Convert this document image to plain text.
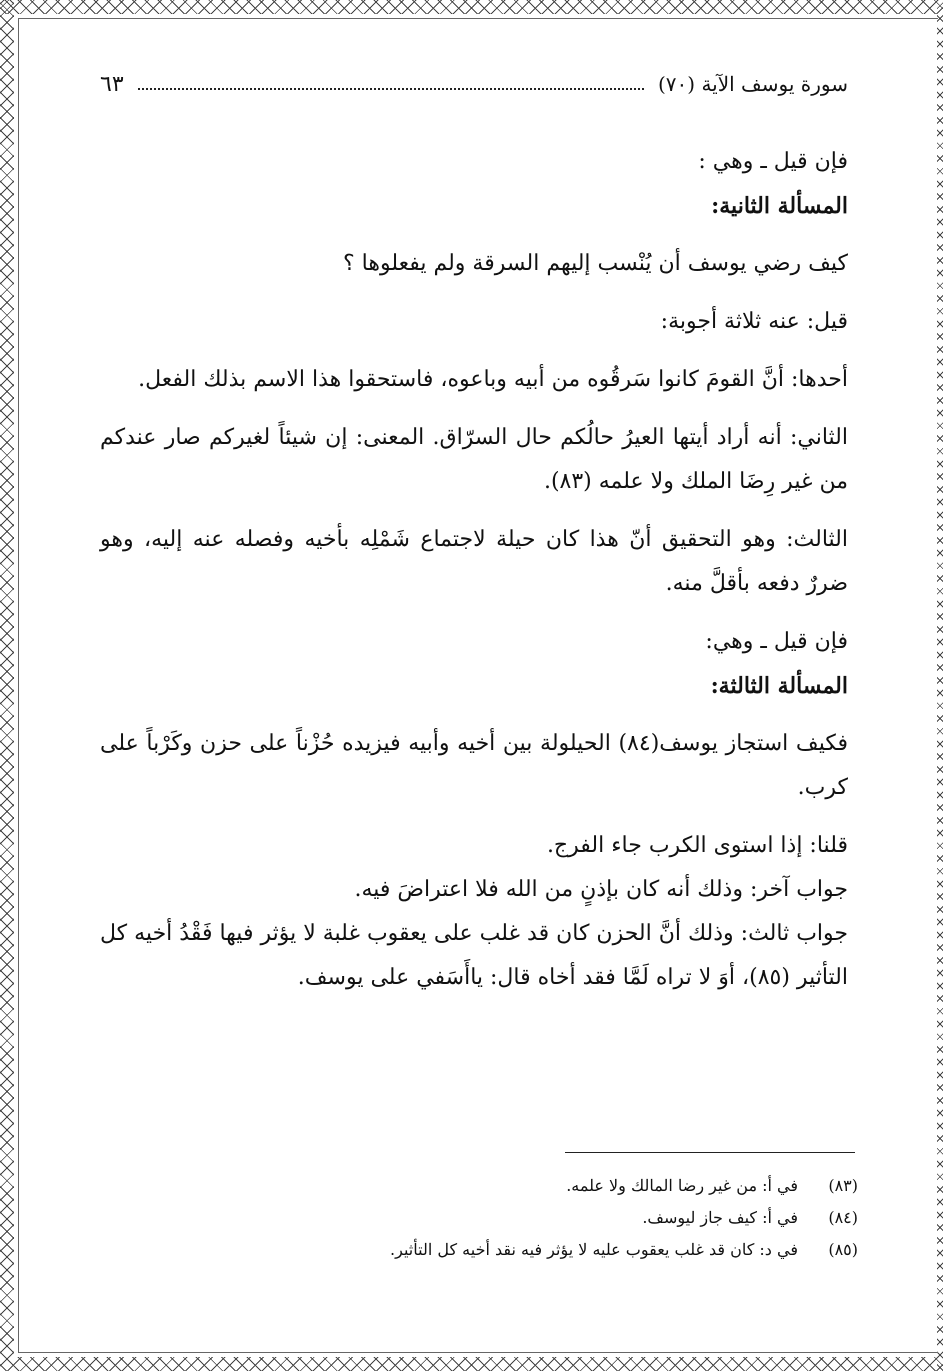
سورة يوسف الآية (٧٠)
٦٣

فإن قيل ـ وهي :

المسألة الثانية:

كيف رضي يوسف أن يُنْسب إليهم السرقة ولم يفعلوها ؟

قيل: عنه ثلاثة أجوبة:

أحدها: أنَّ القومَ كانوا سَرقُوه من أبيه وباعوه، فاستحقوا هذا الاسم بذلك الفعل.

الثاني: أنه أراد أيتها العيرُ حالُكم حال السرّاق. المعنى: إن شيئاً لغيركم صار عندكم من غير رِضَا الملك ولا علمه (٨٣).

الثالث: وهو التحقيق أنّ هذا كان حيلة لاجتماع شَمْلِه بأخيه وفصله عنه إليه، وهو ضررٌ دفعه بأقلَّ منه.

فإن قيل ـ وهي:

المسألة الثالثة:

فكيف استجاز يوسف(٨٤) الحيلولة بين أخيه وأبيه فيزيده حُزْناً على حزن وكَرْباً على كرب.

قلنا: إذا استوى الكرب جاء الفرج.

جواب آخر: وذلك أنه كان بإذنٍ من الله فلا اعتراضَ فيه.

جواب ثالث: وذلك أنَّ الحزن كان قد غلب على يعقوب غلبة لا يؤثر فيها فَقْدُ أخيه كل التأثير (٨٥)، أوَ لا تراه لَمَّا فقد أخاه قال: ياأَسَفي على يوسف.

(٨٣)
في أ: من غير رضا المالك ولا علمه.
(٨٤)
في أ: كيف جاز ليوسف.
(٨٥)
في د: كان قد غلب يعقوب عليه لا يؤثر فيه نقد أخيه كل التأثير.
